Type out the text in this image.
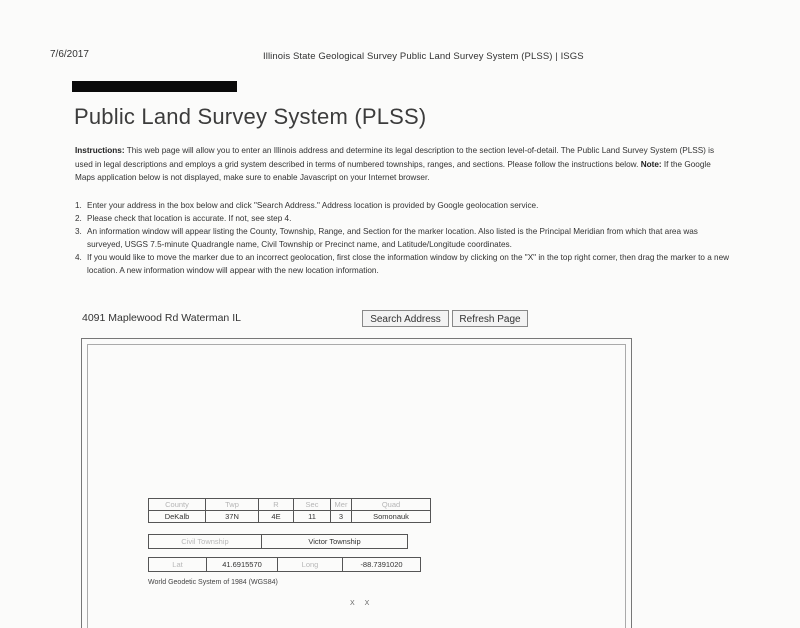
7/6/2017	Illinois State Geological Survey Public Land Survey System (PLSS) | ISGS
Public Land Survey System (PLSS)
Instructions: This web page will allow you to enter an Illinois address and determine its legal description to the section level-of-detail. The Public Land Survey System (PLSS) is used in legal descriptions and employs a grid system described in terms of numbered townships, ranges, and sections. Please follow the instructions below. Note: If the Google Maps application below is not displayed, make sure to enable Javascript on your Internet browser.
1. Enter your address in the box below and click "Search Address." Address location is provided by Google geolocation service.
2. Please check that location is accurate. If not, see step 4.
3. An information window will appear listing the County, Township, Range, and Section for the marker location. Also listed is the Principal Meridian from which that area was surveyed, USGS 7.5-minute Quadrangle name, Civil Township or Precinct name, and Latitude/Longitude coordinates.
4. If you would like to move the marker due to an incorrect geolocation, first close the information window by clicking on the "X" in the top right corner, then drag the marker to a new location. A new information window will appear with the new location information.
4091 Maplewood Rd Waterman IL	Search Address	Refresh Page
County	Twp	R	Sec	Mer	Quad
DeKalb	37N	4E	11	3	Somonauk
Civil Township	Victor Township
Lat	41.6915570	Long	-88.7391020
World Geodetic System of 1984 (WGS84)
X X
